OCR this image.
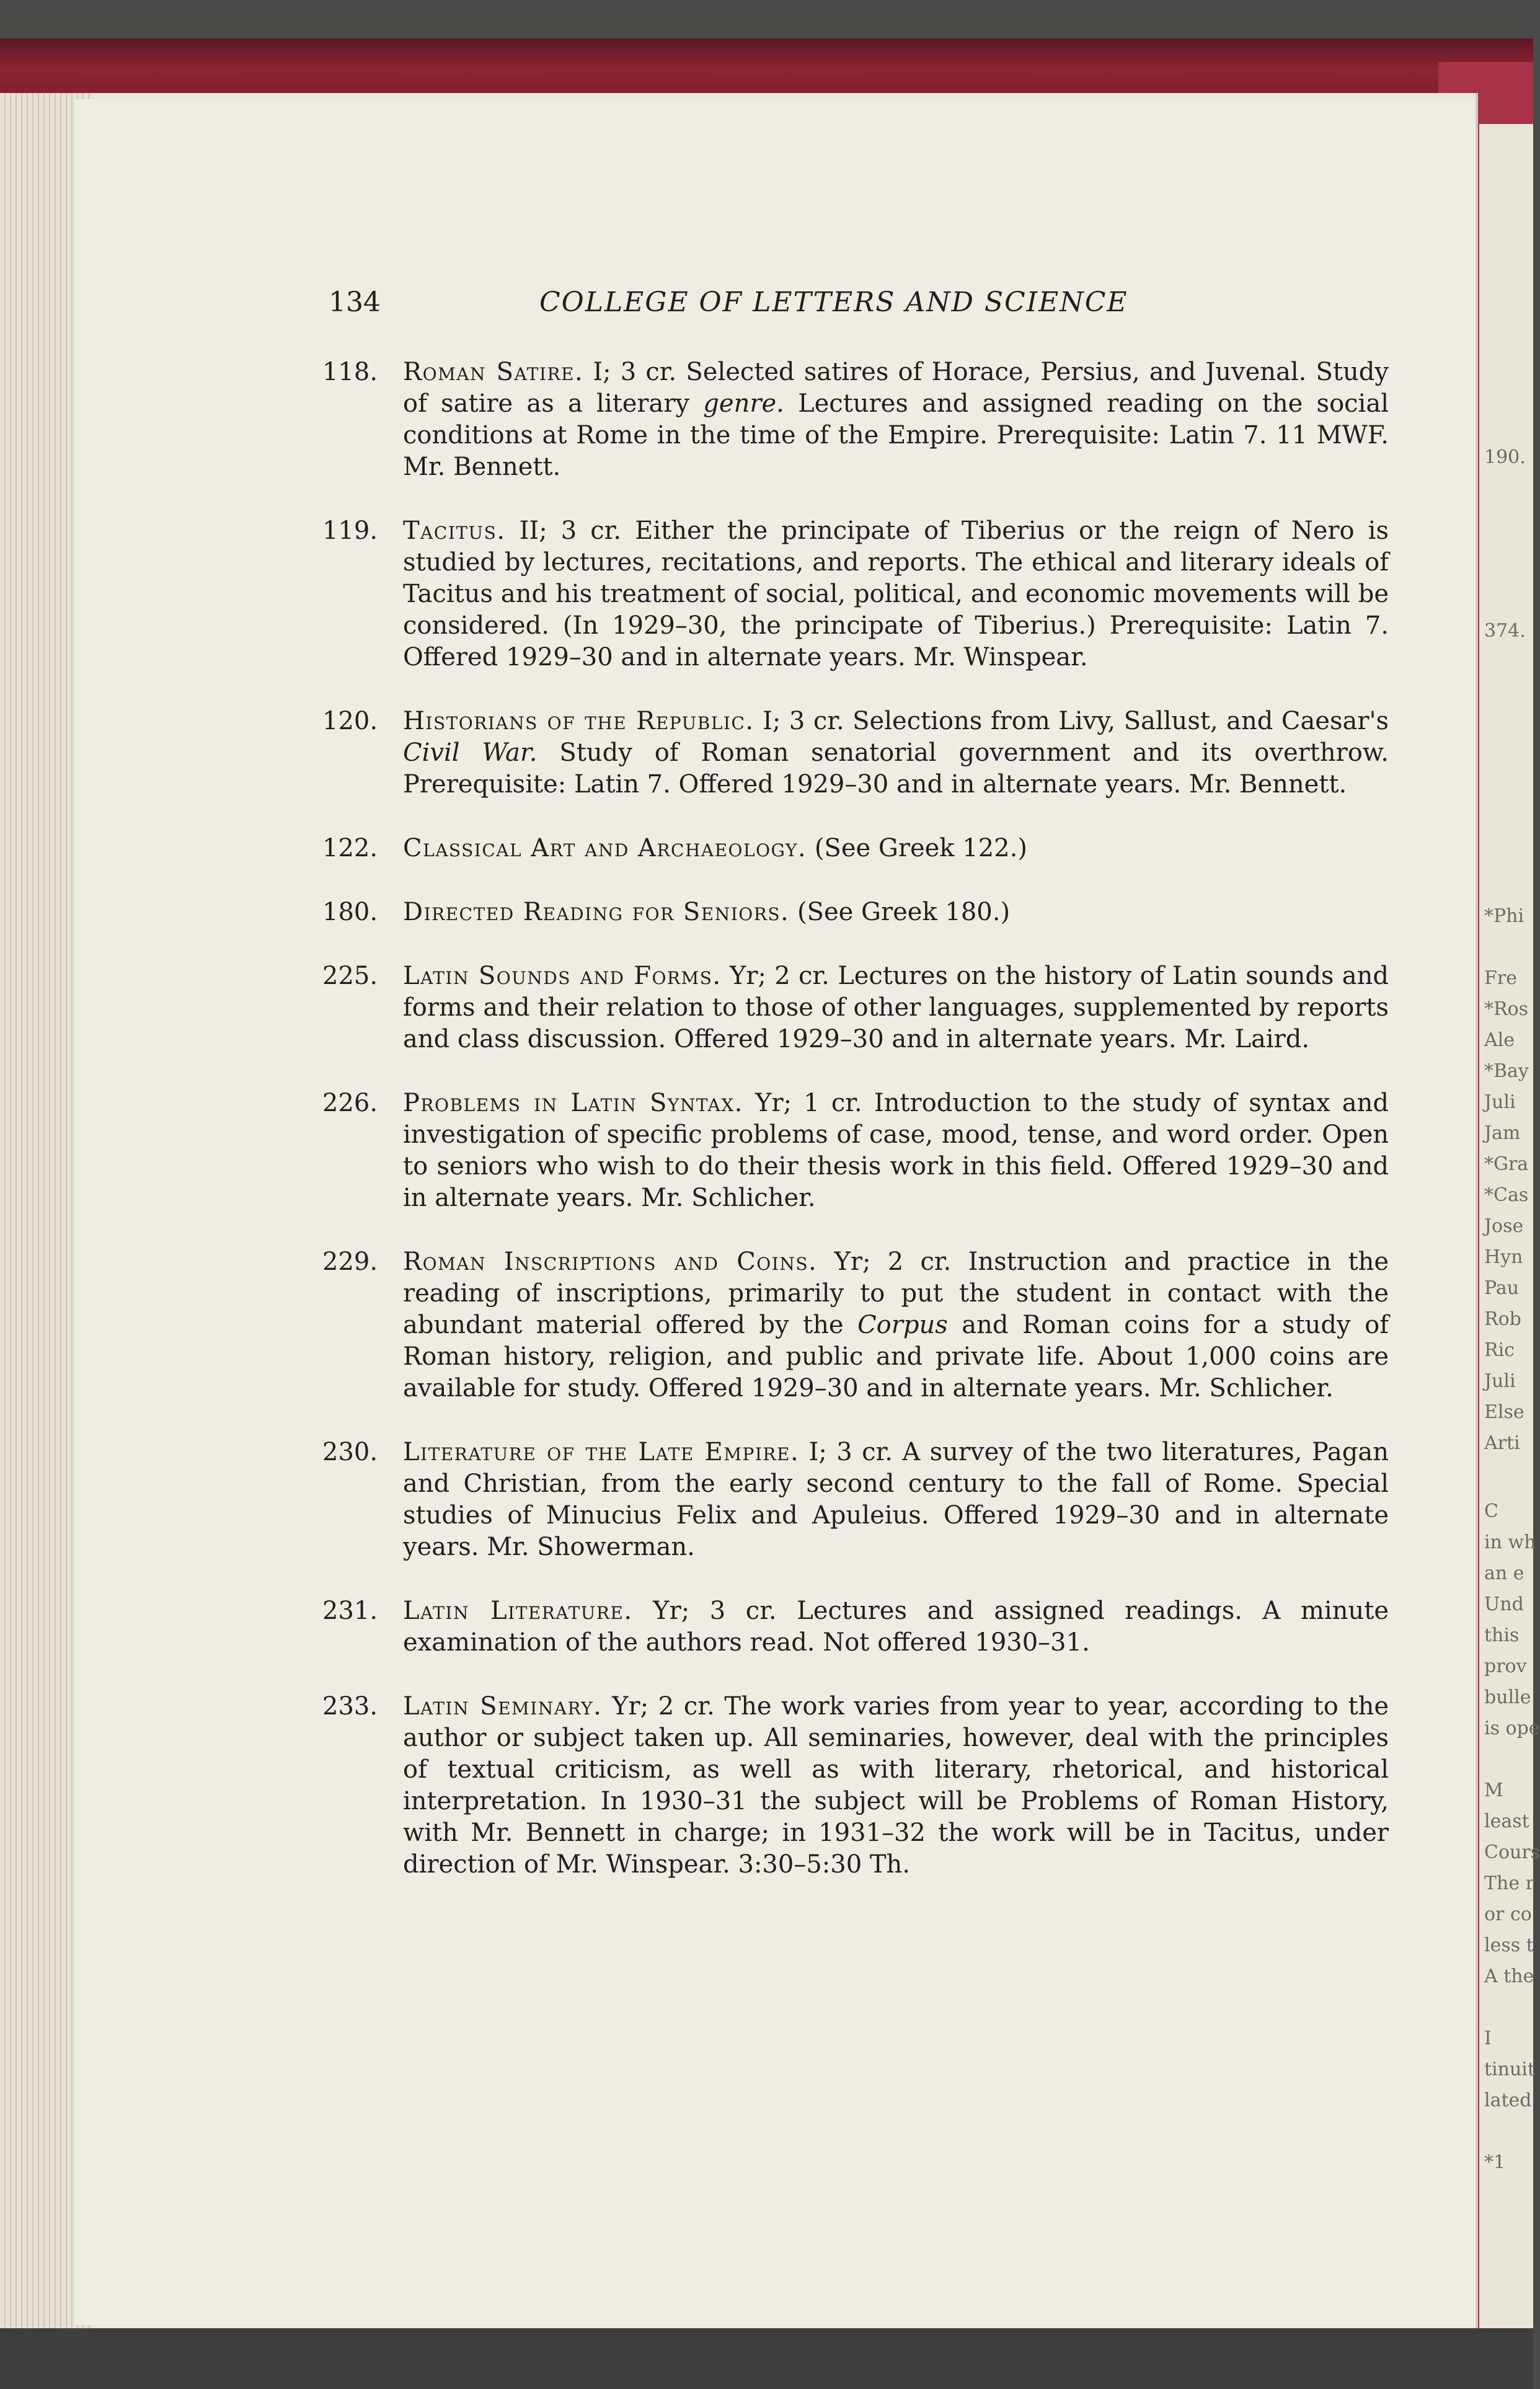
190.
374.
*Phi
Fre
*Ros
Ale
*Bay
Juli
Jam
*Gra
*Cas
Jose
Hyn
Pau
Rob
Ric
Juli
Else
Arti
C
in wh
an e
Und
this
prov
bulle
is ope
M
least
Cours
The r
or co
less t
A the
I
tinuit
lated
*1
134	COLLEGE OF LETTERS AND SCIENCE
118. Roman Satire. I; 3 cr. Selected satires of Horace, Persius, and Juvenal. Study of satire as a literary genre. Lectures and assigned reading on the social conditions at Rome in the time of the Empire. Prerequisite: Latin 7. 11 MWF. Mr. Bennett.

119. Tacitus. II; 3 cr. Either the principate of Tiberius or the reign of Nero is studied by lectures, recitations, and reports. The ethical and literary ideals of Tacitus and his treatment of social, political, and economic movements will be considered. (In 1929–30, the principate of Tiberius.) Prerequisite: Latin 7. Offered 1929–30 and in alternate years. Mr. Winspear.

120. Historians of the Republic. I; 3 cr. Selections from Livy, Sallust, and Caesar's Civil War. Study of Roman senatorial government and its overthrow. Prerequisite: Latin 7. Offered 1929–30 and in alternate years. Mr. Bennett.

122. Classical Art and Archaeology. (See Greek 122.)

180. Directed Reading for Seniors. (See Greek 180.)

225. Latin Sounds and Forms. Yr; 2 cr. Lectures on the history of Latin sounds and forms and their relation to those of other languages, supplemented by reports and class discussion. Offered 1929–30 and in alternate years. Mr. Laird.

226. Problems in Latin Syntax. Yr; 1 cr. Introduction to the study of syntax and investigation of specific problems of case, mood, tense, and word order. Open to seniors who wish to do their thesis work in this field. Offered 1929–30 and in alternate years. Mr. Schlicher.

229. Roman Inscriptions and Coins. Yr; 2 cr. Instruction and practice in the reading of inscriptions, primarily to put the student in contact with the abundant material offered by the Corpus and Roman coins for a study of Roman history, religion, and public and private life. About 1,000 coins are available for study. Offered 1929–30 and in alternate years. Mr. Schlicher.

230. Literature of the Late Empire. I; 3 cr. A survey of the two literatures, Pagan and Christian, from the early second century to the fall of Rome. Special studies of Minucius Felix and Apuleius. Offered 1929–30 and in alternate years. Mr. Showerman.

231. Latin Literature. Yr; 3 cr. Lectures and assigned readings. A minute examination of the authors read. Not offered 1930–31.

233. Latin Seminary. Yr; 2 cr. The work varies from year to year, according to the author or subject taken up. All seminaries, however, deal with the principles of textual criticism, as well as with literary, rhetorical, and historical interpretation. In 1930–31 the subject will be Problems of Roman History, with Mr. Bennett in charge; in 1931–32 the work will be in Tacitus, under direction of Mr. Winspear. 3:30–5:30 Th.
